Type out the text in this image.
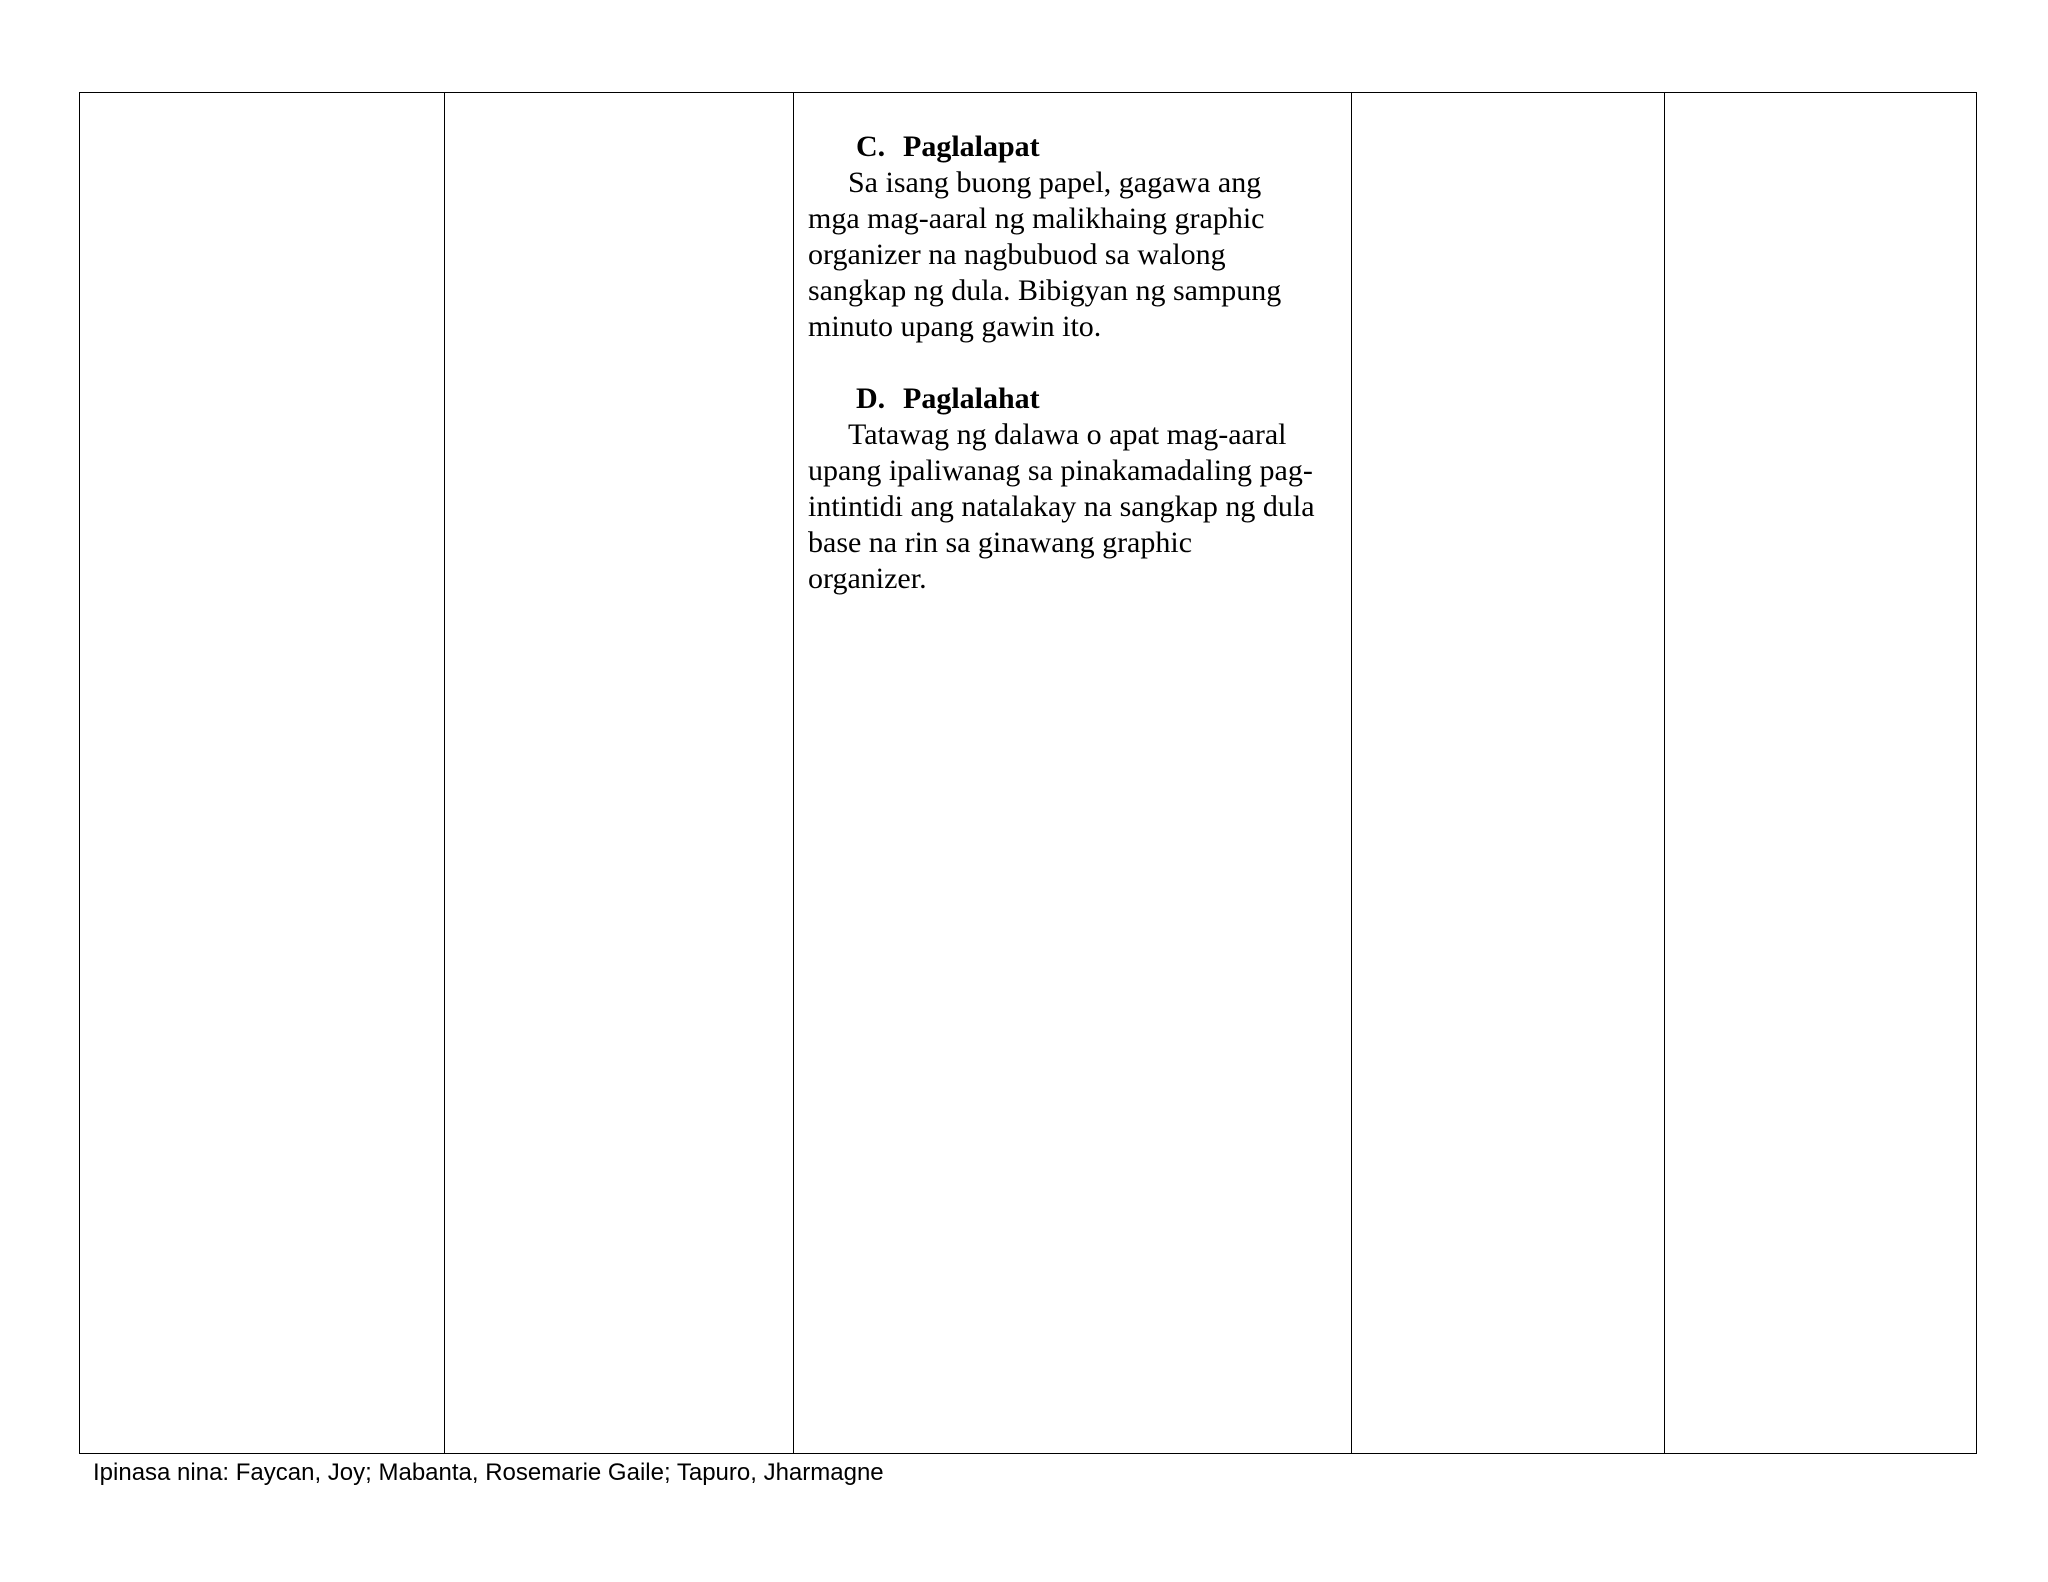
C. Paglalapat
Sa isang buong papel, gagawa ang
mga mag-aaral ng malikhaing graphic
organizer na nagbubuod sa walong
sangkap ng dula. Bibigyan ng sampung
minuto upang gawin ito.
D. Paglalahat
Tatawag ng dalawa o apat mag-aaral
upang ipaliwanag sa pinakamadaling pag-
intintidi ang natalakay na sangkap ng dula
base na rin sa ginawang graphic
organizer.

Ipinasa nina: Faycan, Joy; Mabanta, Rosemarie Gaile; Tapuro, Jharmagne
